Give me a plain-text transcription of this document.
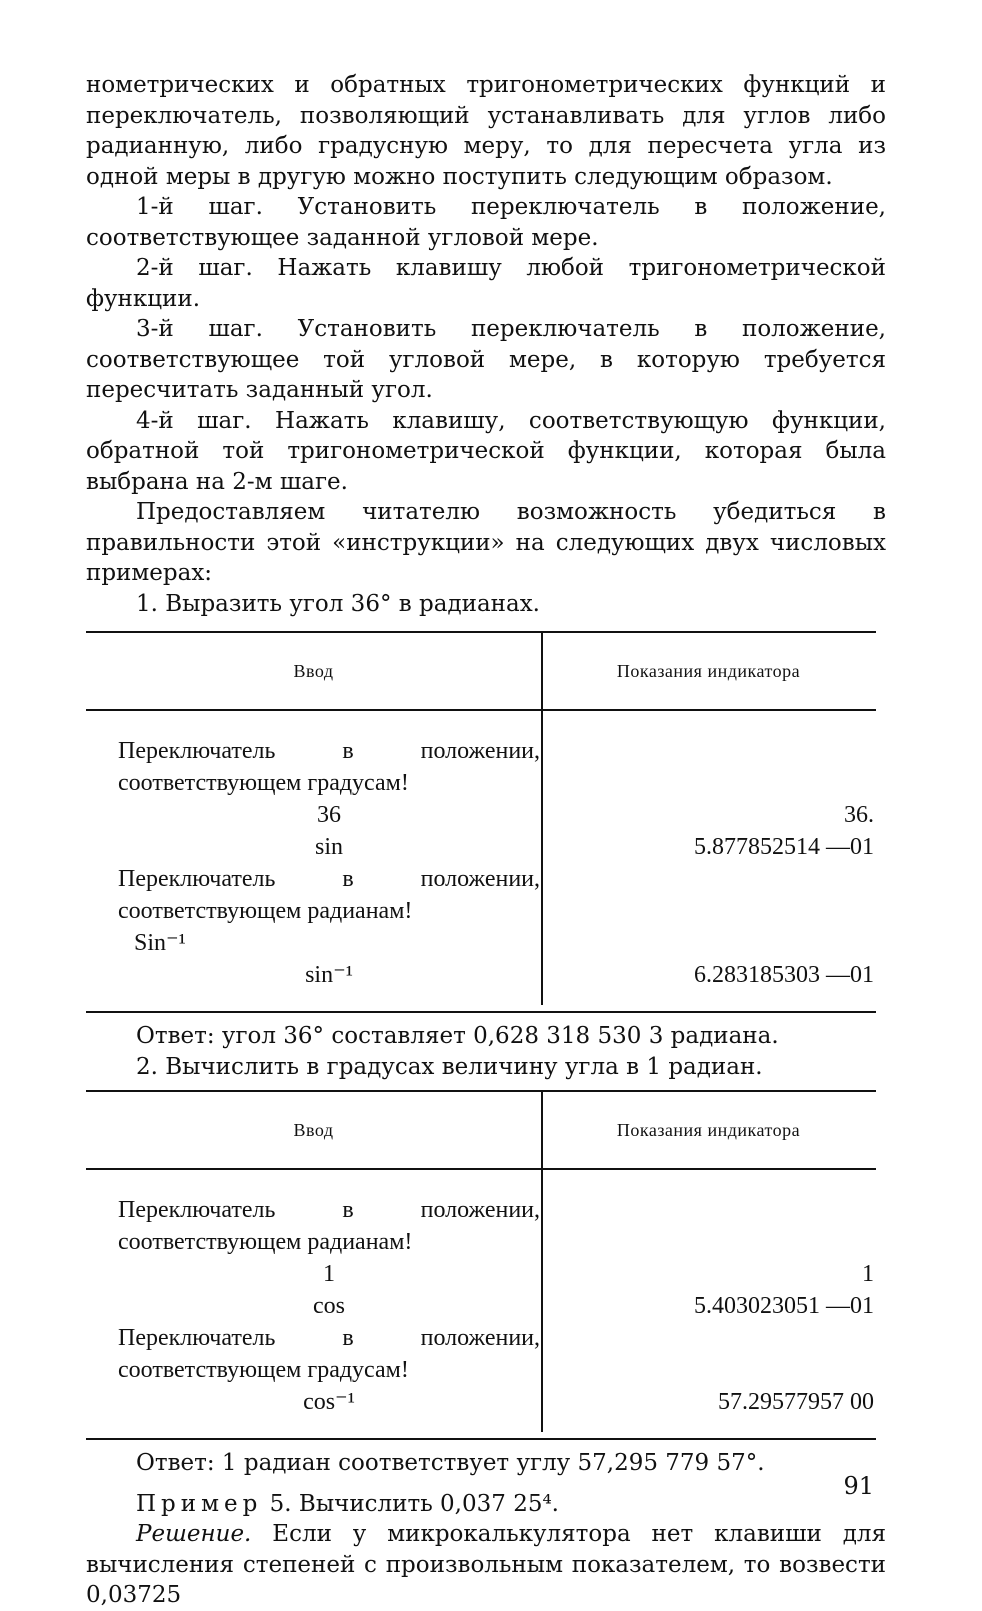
нометрических и обратных тригонометрических функций и переключатель, позволяющий устанавливать для углов либо радианную, либо градусную меру, то для пересчета угла из одной меры в другую можно поступить следующим образом.

1-й шаг. Установить переключатель в положение, соответствующее заданной угловой мере.

2-й шаг. Нажать клавишу любой тригонометрической функции.

3-й шаг. Установить переключатель в положение, соответствующее той угловой мере, в которую требуется пересчитать заданный угол.

4-й шаг. Нажать клавишу, соответствующую функции, обратной той тригонометрической функции, которая была выбрана на 2-м шаге.

Предоставляем читателю возможность убедиться в правильности этой «инструкции» на следующих двух числовых примерах:

1. Выразить угол 36° в радианах.

Ввод	Показания индикатора
Переключатель в положении, соответствующем градусам!
36	36.
sin	5.877852514 —01
Переключатель в положении, соответствующем радианам!
Sin⁻¹
sin⁻¹	6.283185303 —01

Ответ: угол 36° составляет 0,628 318 530 3 радиана.

2. Вычислить в градусах величину угла в 1 радиан.

Ввод	Показания индикатора
Переключатель в положении, соответствующем радианам!
1	1
cos	5.403023051 —01
Переключатель в положении, соответствующем градусам!
cos⁻¹	57.29577957 00

Ответ: 1 радиан соответствует углу 57,295 779 57°.

Пример 5. Вычислить 0,037 25⁴.

Решение. Если у микрокалькулятора нет клавиши для вычисления степеней с произвольным показателем, то возвести 0,03725

91
